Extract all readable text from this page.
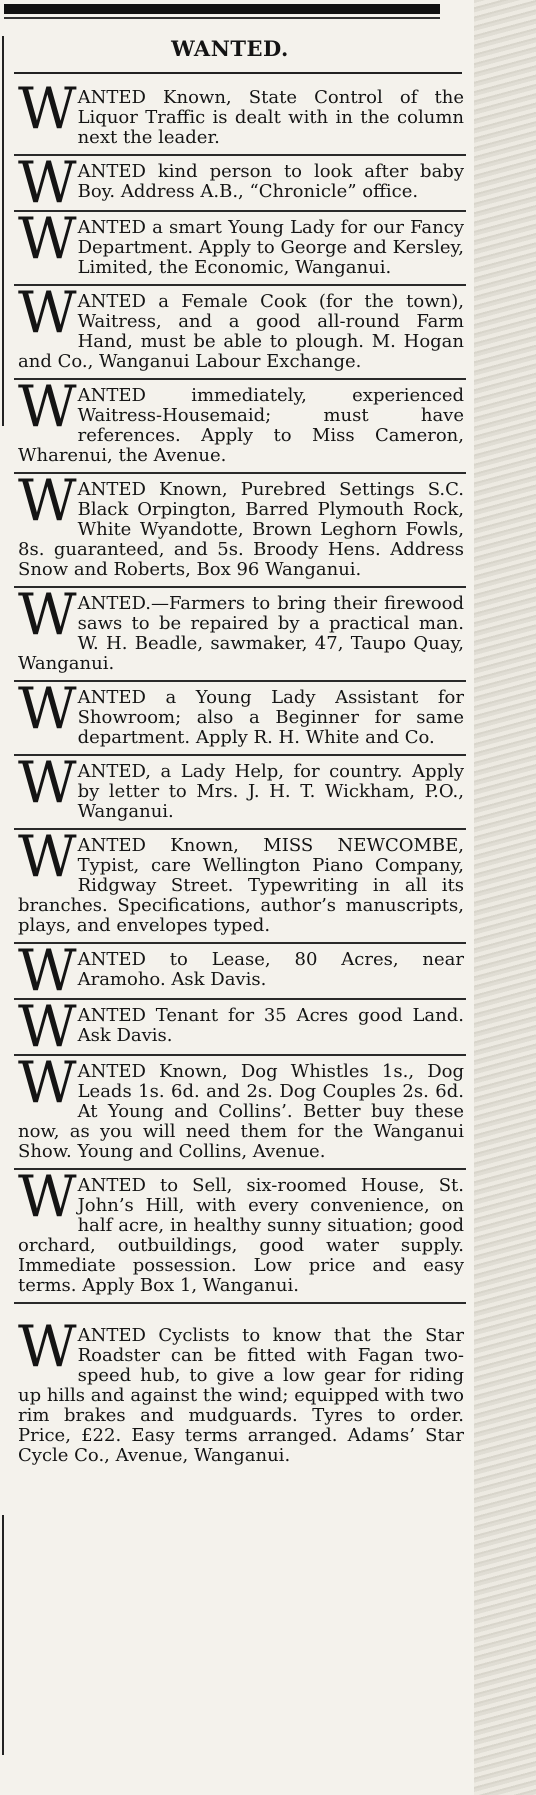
WANTED.
W ANTED Known, State Control of the Liquor Traffic is dealt with in the column next the leader.
W ANTED kind person to look after baby Boy. Address A.B., “Chronicle” office.
W ANTED a smart Young Lady for our Fancy Department. Apply to George and Kersley, Limited, the Economic, Wanganui.
W ANTED a Female Cook (for the town), Waitress, and a good all-round Farm Hand, must be able to plough. M. Hogan and Co., Wanganui Labour Exchange.
W ANTED immediately, experienced Waitress-Housemaid; must have references. Apply to Miss Cameron, Wharenui, the Avenue.
W ANTED Known, Purebred Settings S.C. Black Orpington, Barred Plymouth Rock, White Wyandotte, Brown Leghorn Fowls, 8s. guaranteed, and 5s. Broody Hens. Address Snow and Roberts, Box 96 Wanganui.
W ANTED.—Farmers to bring their firewood saws to be repaired by a practical man. W. H. Beadle, sawmaker, 47, Taupo Quay, Wanganui.
W ANTED a Young Lady Assistant for Showroom; also a Beginner for same department. Apply R. H. White and Co.
W ANTED, a Lady Help, for country. Apply by letter to Mrs. J. H. T. Wickham, P.O., Wanganui.
W ANTED Known, MISS NEWCOMBE, Typist, care Wellington Piano Company, Ridgway Street. Typewriting in all its branches. Specifications, author’s manuscripts, plays, and envelopes typed.
W ANTED to Lease, 80 Acres, near Aramoho. Ask Davis.
W ANTED Tenant for 35 Acres good Land. Ask Davis.
W ANTED Known, Dog Whistles 1s., Dog Leads 1s. 6d. and 2s. Dog Couples 2s. 6d. At Young and Collins’. Better buy these now, as you will need them for the Wanganui Show. Young and Collins, Avenue.
W ANTED to Sell, six-roomed House, St. John’s Hill, with every convenience, on half acre, in healthy sunny situation; good orchard, outbuildings, good water supply. Immediate possession. Low price and easy terms. Apply Box 1, Wanganui.
W ANTED Cyclists to know that the Star Roadster can be fitted with Fagan two-speed hub, to give a low gear for riding up hills and against the wind; equipped with two rim brakes and mudguards. Tyres to order. Price, £22. Easy terms arranged. Adams’ Star Cycle Co., Avenue, Wanganui.
